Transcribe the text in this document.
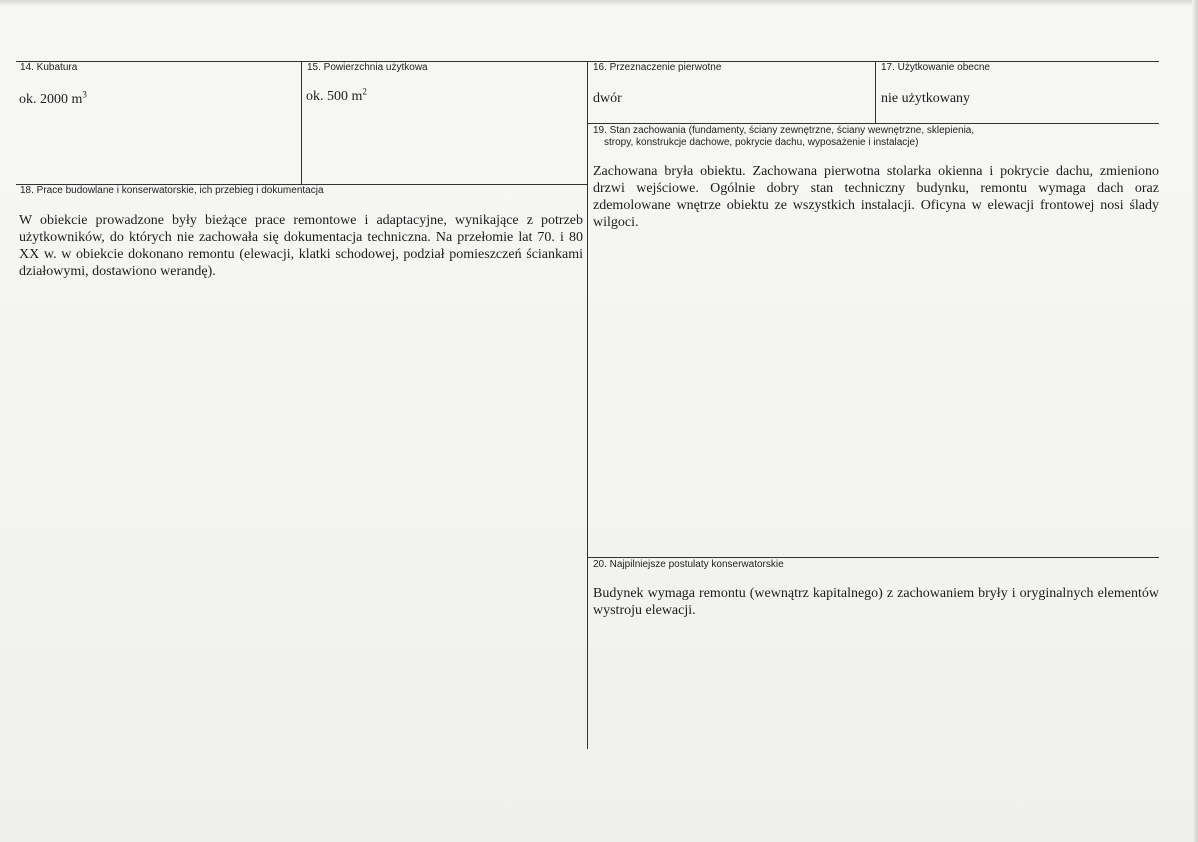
14. Kubatura
ok. 2000 $m^3$
15. Powierzchnia użytkowa
ok. 500 $m^2$
16. Przeznaczenie pierwotne
dwór
17. Użytkowanie obecne
nie użytkowany
19. Stan zachowania (fundamenty, ściany zewnętrzne, ściany wewnętrzne, sklepienia,
stropy, konstrukcje dachowe, pokrycie dachu, wyposażenie i instalacje)
Zachowana bryła obiektu. Zachowana pierwotna stolarka okienna i pokrycie dachu, zmieniono drzwi wejściowe. Ogólnie dobry stan techniczny budynku, remontu wymaga dach oraz zdemolowane wnętrze obiektu ze wszystkich instalacji. Oficyna w elewacji frontowej nosi ślady wilgoci.
18. Prace budowlane i konserwatorskie, ich przebieg i dokumentacja
W obiekcie prowadzone były bieżące prace remontowe i adaptacyjne, wynikające z potrzeb użytkowników, do których nie zachowała się dokumentacja techniczna. Na przełomie lat 70. i 80 XX w. w obiekcie dokonano remontu (elewacji, klatki schodowej, podział pomieszczeń ściankami działowymi, dostawiono werandę).
20. Najpilniejsze postulaty konserwatorskie
Budynek wymaga remontu (wewnątrz kapitalnego) z zachowaniem bryły i oryginalnych elementów wystroju elewacji.
